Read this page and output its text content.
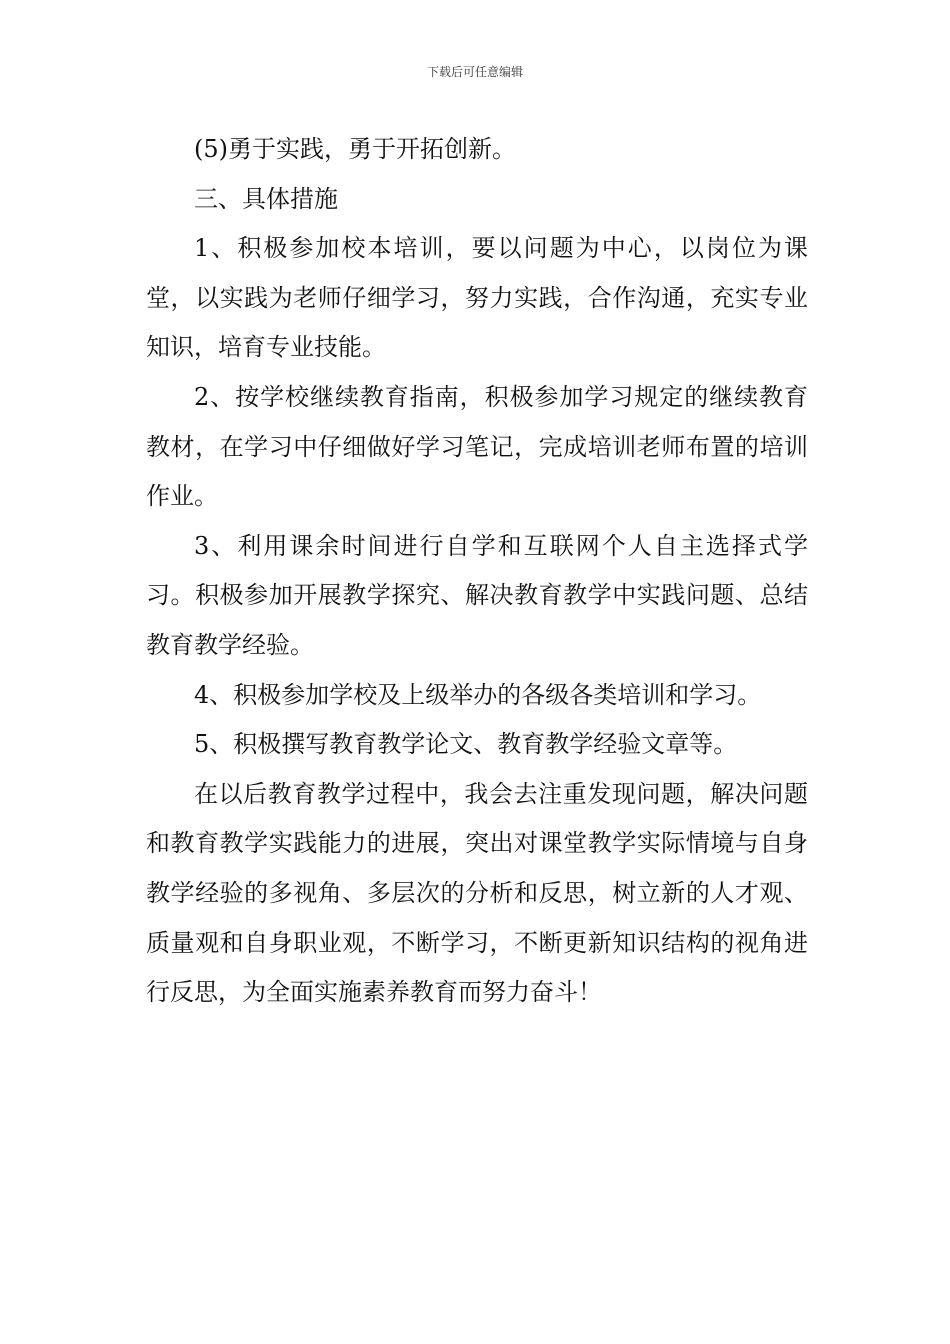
下载后可任意编辑

(5)勇于实践，勇于开拓创新。

三、具体措施

1、积极参加校本培训，要以问题为中心，以岗位为课堂，以实践为老师仔细学习，努力实践，合作沟通，充实专业知识，培育专业技能。

2、按学校继续教育指南，积极参加学习规定的继续教育教材，在学习中仔细做好学习笔记，完成培训老师布置的培训作业。

3、利用课余时间进行自学和互联网个人自主选择式学习。积极参加开展教学探究、解决教育教学中实践问题、总结教育教学经验。

4、积极参加学校及上级举办的各级各类培训和学习。

5、积极撰写教育教学论文、教育教学经验文章等。

在以后教育教学过程中，我会去注重发现问题，解决问题和教育教学实践能力的进展，突出对课堂教学实际情境与自身教学经验的多视角、多层次的分析和反思，树立新的人才观、质量观和自身职业观，不断学习，不断更新知识结构的视角进行反思，为全面实施素养教育而努力奋斗！
